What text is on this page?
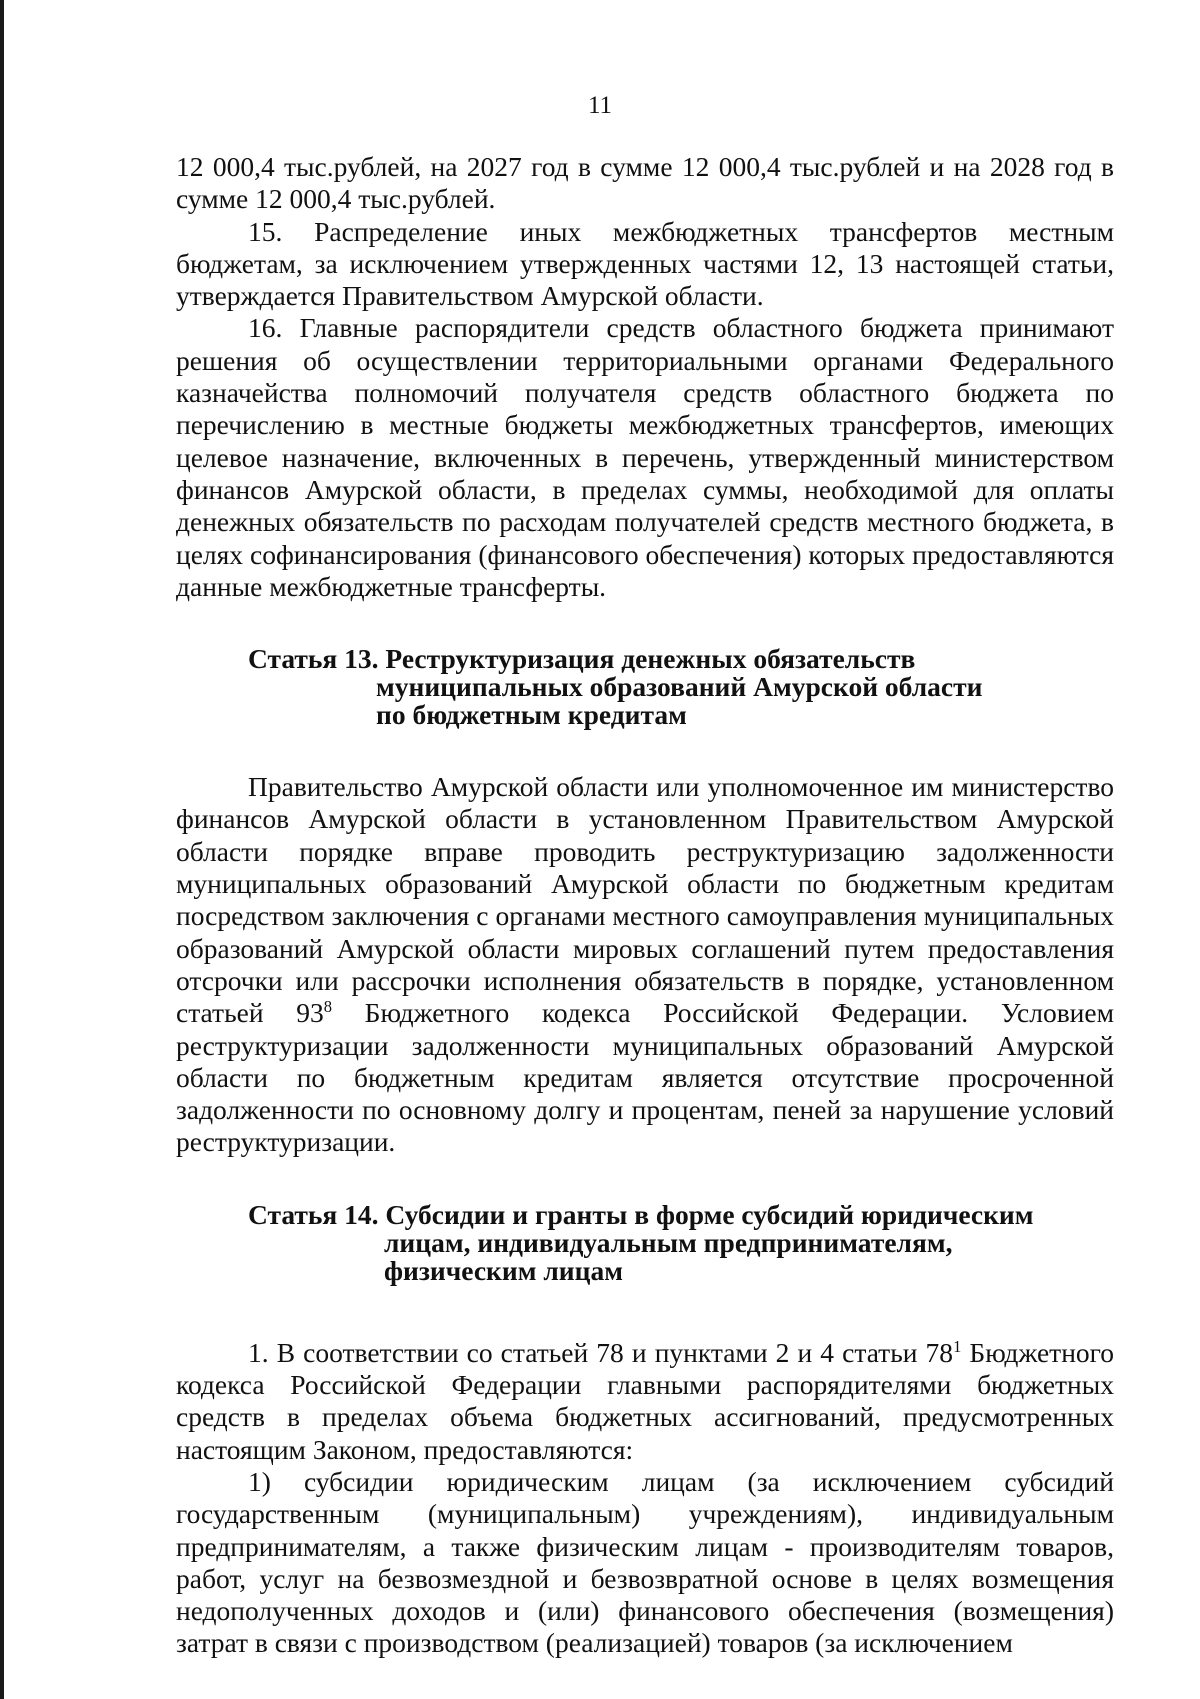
11

12 000,4 тыс.рублей, на 2027 год в сумме 12 000,4 тыс.рублей и на 2028 год в сумме 12 000,4 тыс.рублей.

15. Распределение иных межбюджетных трансфертов местным бюджетам, за исключением утвержденных частями 12, 13 настоящей статьи, утверждается Правительством Амурской области.

16. Главные распорядители средств областного бюджета принимают решения об осуществлении территориальными органами Федерального казначейства полномочий получателя средств областного бюджета по перечислению в местные бюджеты межбюджетных трансфертов, имеющих целевое назначение, включенных в перечень, утвержденный министерством финансов Амурской области, в пределах суммы, необходимой для оплаты денежных обязательств по расходам получателей средств местного бюджета, в целях софинансирования (финансового обеспечения) которых предоставляются данные межбюджетные трансферты.

Статья 13. Реструктуризация денежных обязательств
муниципальных образований Амурской области
по бюджетным кредитам

Правительство Амурской области или уполномоченное им министерство финансов Амурской области в установленном Правительством Амурской области порядке вправе проводить реструктуризацию задолженности муниципальных образований Амурской области по бюджетным кредитам посредством заключения с органами местного самоуправления муниципальных образований Амурской области мировых соглашений путем предоставления отсрочки или рассрочки исполнения обязательств в порядке, установленном статьей $93^8$ Бюджетного кодекса Российской Федерации. Условием реструктуризации задолженности муниципальных образований Амурской области по бюджетным кредитам является отсутствие просроченной задолженности по основному долгу и процентам, пеней за нарушение условий реструктуризации.

Статья 14. Субсидии и гранты в форме субсидий юридическим
лицам, индивидуальным предпринимателям,
физическим лицам

1. В соответствии со статьей 78 и пунктами 2 и 4 статьи $78^1$ Бюджетного кодекса Российской Федерации главными распорядителями бюджетных средств в пределах объема бюджетных ассигнований, предусмотренных настоящим Законом, предоставляются:

1) субсидии юридическим лицам (за исключением субсидий государственным (муниципальным) учреждениям), индивидуальным предпринимателям, а также физическим лицам - производителям товаров, работ, услуг на безвозмездной и безвозвратной основе в целях возмещения недополученных доходов и (или) финансового обеспечения (возмещения) затрат в связи с производством (реализацией) товаров (за исключением
